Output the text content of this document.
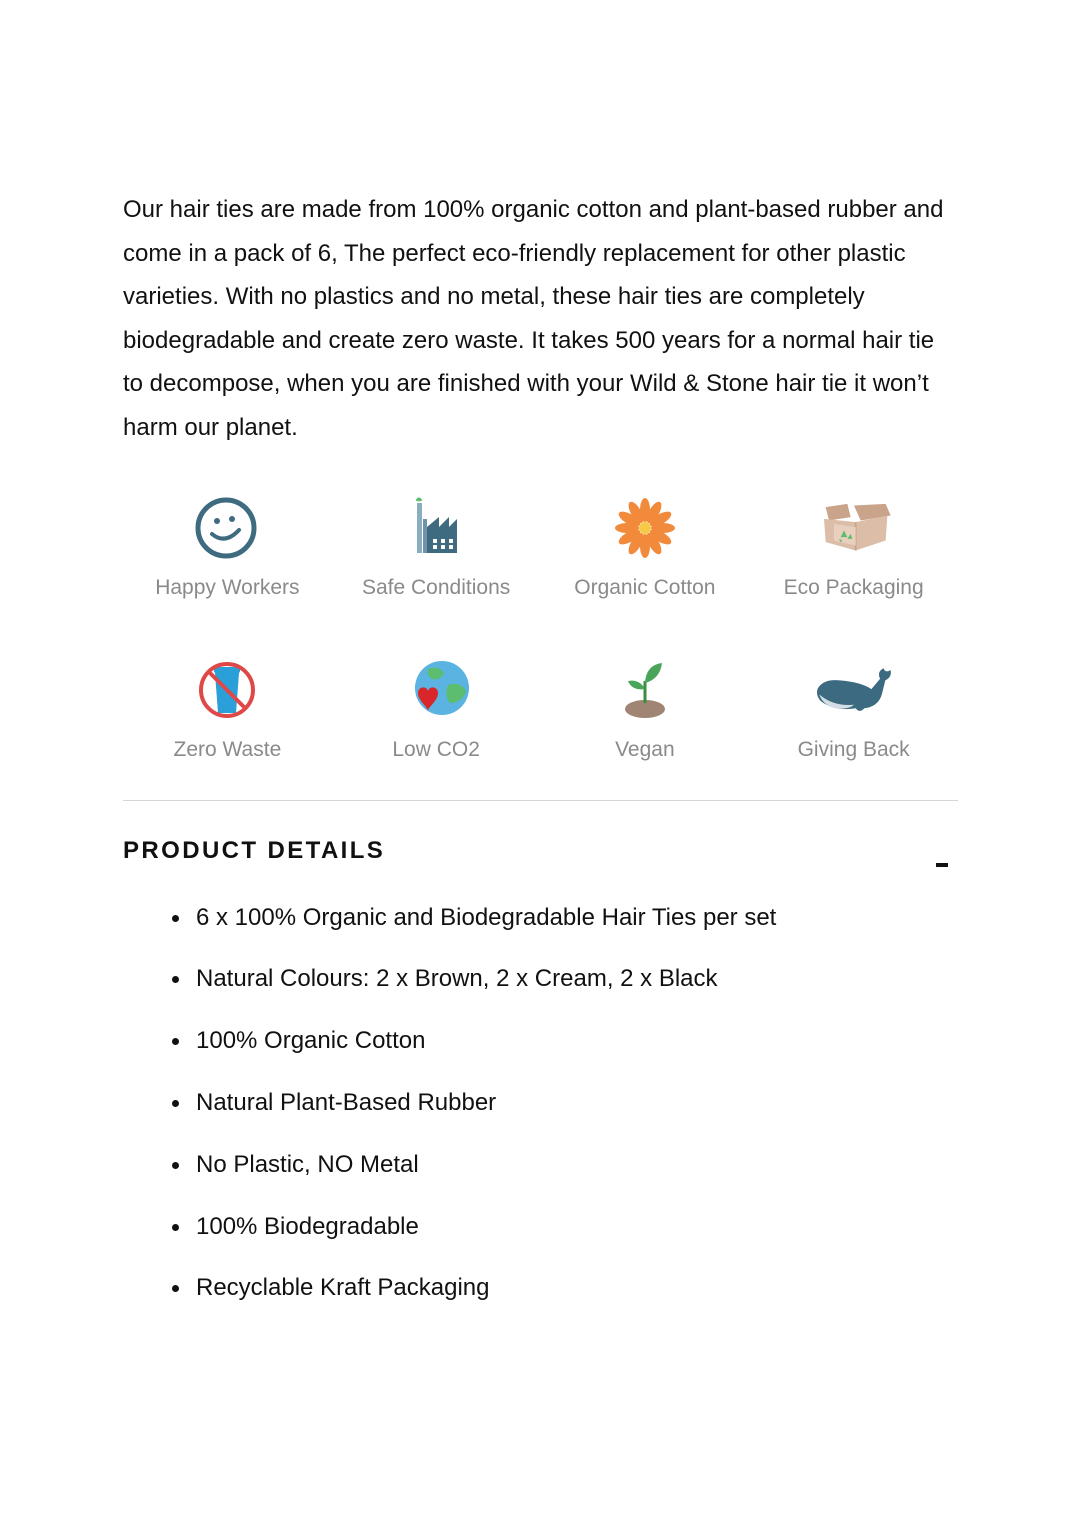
Our hair ties are made from 100% organic cotton and plant-based rubber and come in a pack of 6, The perfect eco-friendly replacement for other plastic varieties. With no plastics and no metal, these hair ties are completely biodegradable and create zero waste. It takes 500 years for a normal hair tie to decompose, when you are finished with your Wild & Stone hair tie it won’t harm our planet.

Happy Workers	Safe Conditions	Organic Cotton	Eco Packaging
Zero Waste	Low CO2	Vegan	Giving Back
PRODUCT DETAILS
6 x 100% Organic and Biodegradable Hair Ties per set
Natural Colours: 2 x Brown, 2 x Cream, 2 x Black
100% Organic Cotton
Natural Plant-Based Rubber
No Plastic, NO Metal
100% Biodegradable
Recyclable Kraft Packaging
